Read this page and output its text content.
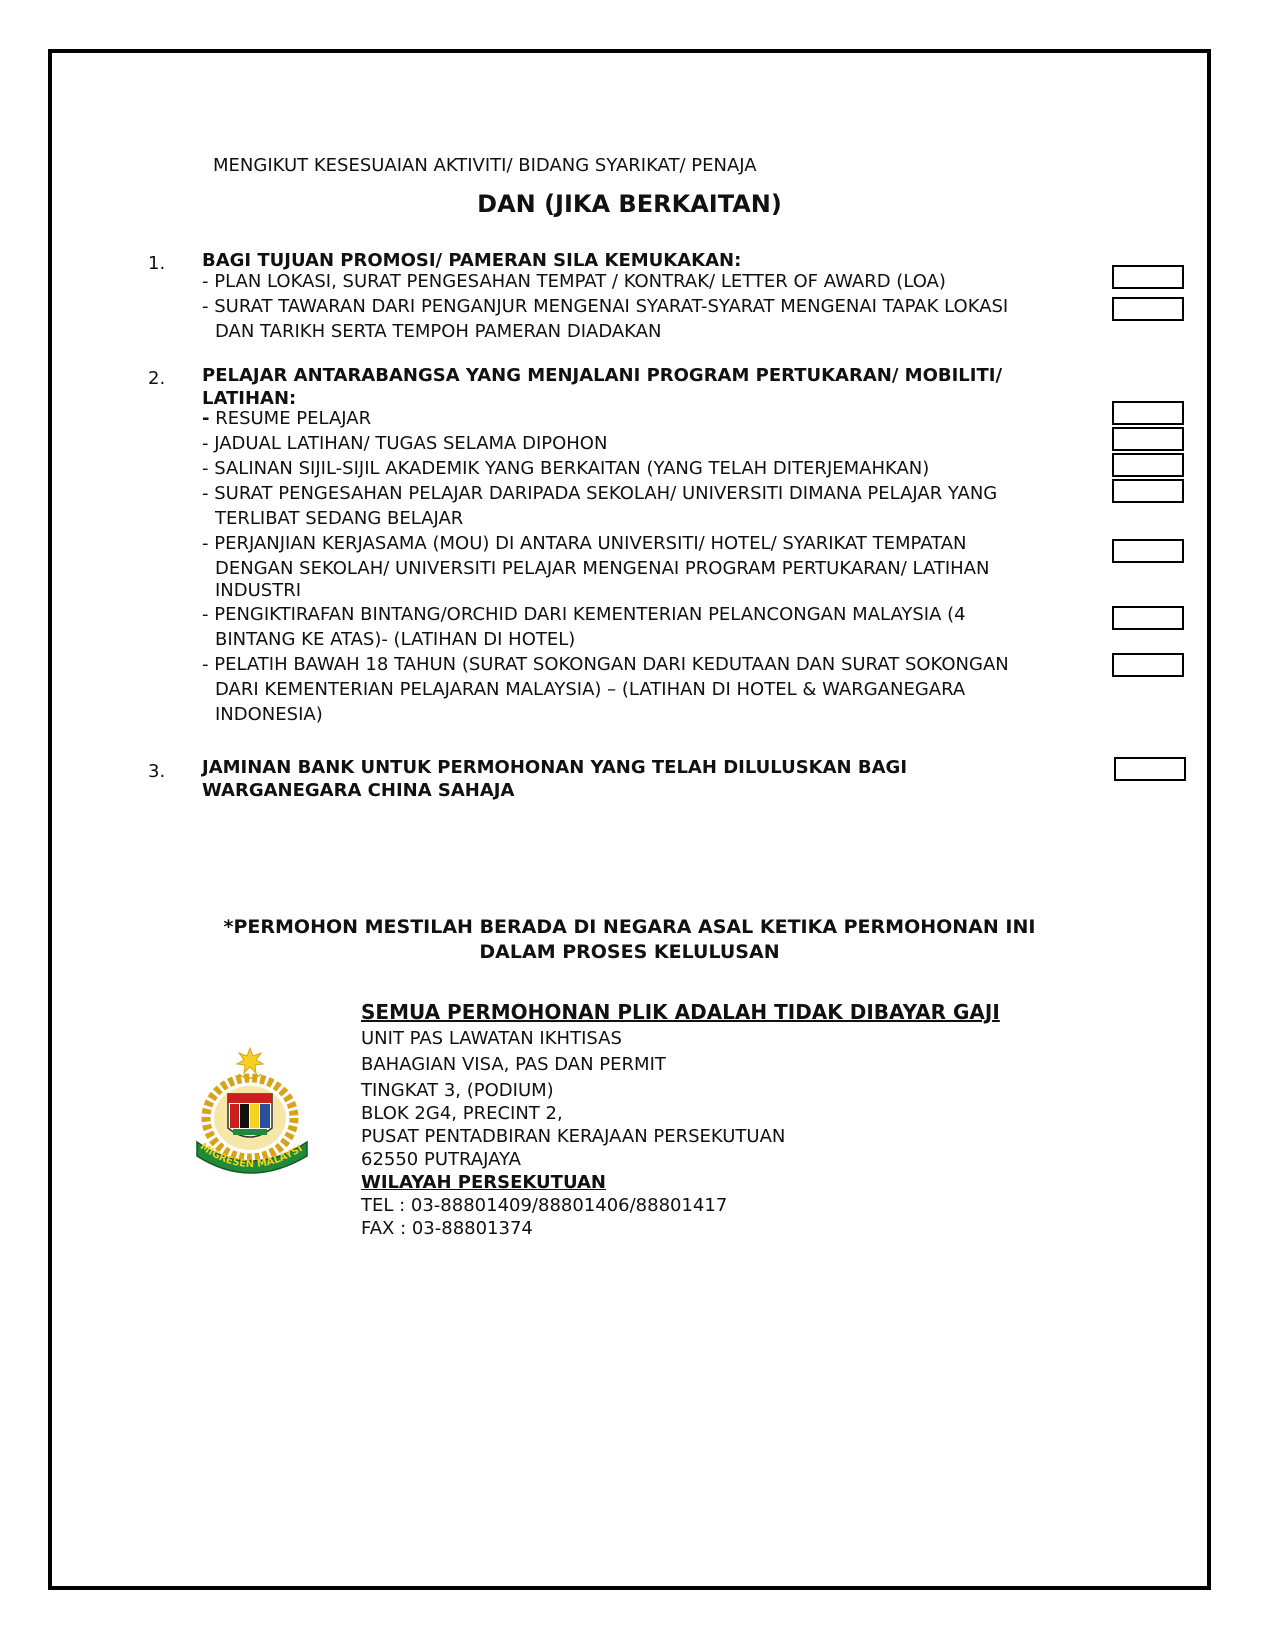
MENGIKUT KESESUAIAN AKTIVITI/ BIDANG SYARIKAT/ PENAJA
DAN (JIKA BERKAITAN)
1. BAGI TUJUAN PROMOSI/ PAMERAN SILA KEMUKAKAN:
- PLAN LOKASI, SURAT PENGESAHAN TEMPAT / KONTRAK/ LETTER OF AWARD (LOA)
- SURAT TAWARAN DARI PENGANJUR MENGENAI SYARAT-SYARAT MENGENAI TAPAK LOKASI
DAN TARIKH SERTA TEMPOH PAMERAN DIADAKAN
2. PELAJAR ANTARABANGSA YANG MENJALANI PROGRAM PERTUKARAN/ MOBILITI/ LATIHAN:
- RESUME PELAJAR
- JADUAL LATIHAN/ TUGAS SELAMA DIPOHON
- SALINAN SIJIL-SIJIL AKADEMIK YANG BERKAITAN (YANG TELAH DITERJEMAHKAN)
- SURAT PENGESAHAN PELAJAR DARIPADA SEKOLAH/ UNIVERSITI DIMANA PELAJAR YANG
TERLIBAT SEDANG BELAJAR
- PERJANJIAN KERJASAMA (MOU) DI ANTARA UNIVERSITI/ HOTEL/ SYARIKAT TEMPATAN
DENGAN SEKOLAH/ UNIVERSITI PELAJAR MENGENAI PROGRAM PERTUKARAN/ LATIHAN
INDUSTRI
- PENGIKTIRAFAN BINTANG/ORCHID DARI KEMENTERIAN PELANCONGAN MALAYSIA (4
BINTANG KE ATAS)- (LATIHAN DI HOTEL)
- PELATIH BAWAH 18 TAHUN (SURAT SOKONGAN DARI KEDUTAAN DAN SURAT SOKONGAN
DARI KEMENTERIAN PELAJARAN MALAYSIA) – (LATIHAN DI HOTEL & WARGANEGARA
INDONESIA)
3. JAMINAN BANK UNTUK PERMOHONAN YANG TELAH DILULUSKAN BAGI WARGANEGARA CHINA SAHAJA
*PERMOHON MESTILAH BERADA DI NEGARA ASAL KETIKA PERMOHONAN INI DALAM PROSES KELULUSAN
MIGRESEN MALAYSI
SEMUA PERMOHONAN PLIK ADALAH TIDAK DIBAYAR GAJI
UNIT PAS LAWATAN IKHTISAS
BAHAGIAN VISA, PAS DAN PERMIT
TINGKAT 3, (PODIUM)
BLOK 2G4, PRECINT 2,
PUSAT PENTADBIRAN KERAJAAN PERSEKUTUAN
62550 PUTRAJAYA
WILAYAH PERSEKUTUAN
TEL : 03-88801409/88801406/88801417
FAX : 03-88801374
